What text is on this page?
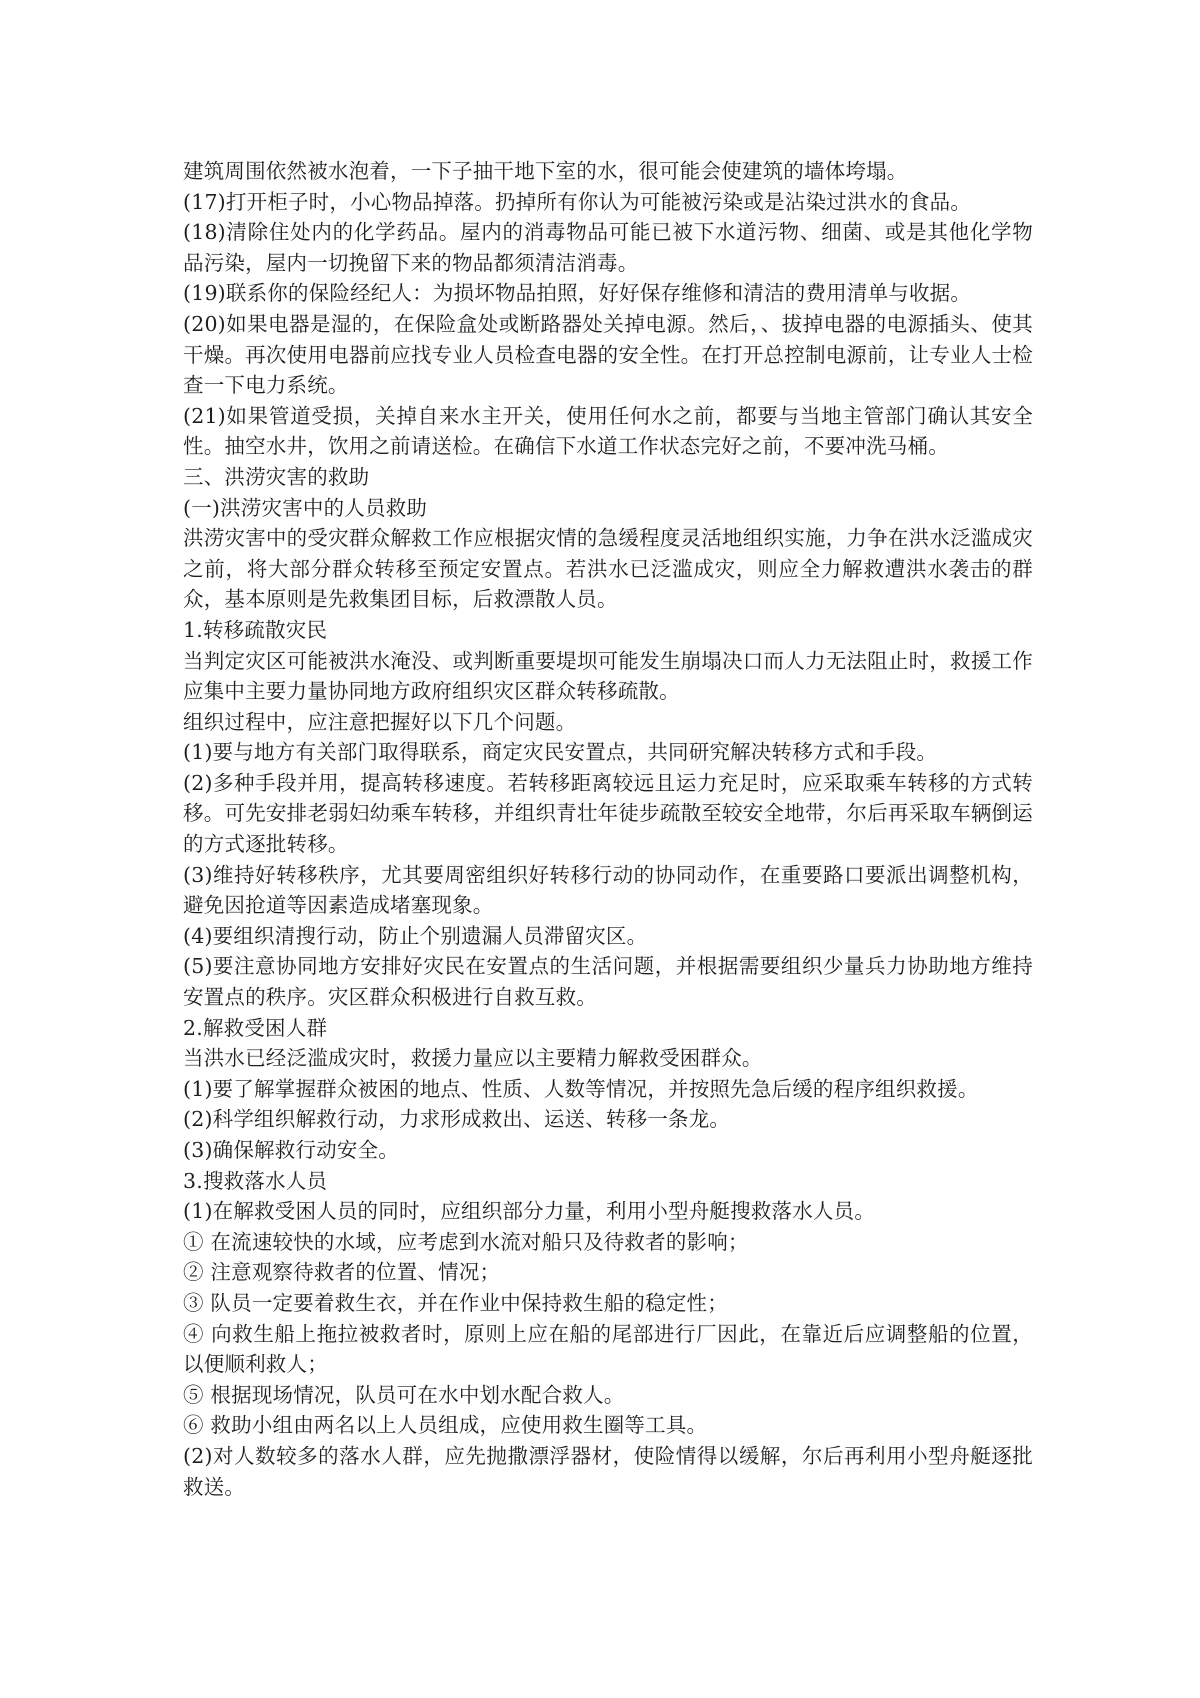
建筑周围依然被水泡着，一下子抽干地下室的水，很可能会使建筑的墙体垮塌。

(17)打开柜子时，小心物品掉落。扔掉所有你认为可能被污染或是沾染过洪水的食品。

(18)清除住处内的化学药品。屋内的消毒物品可能已被下水道污物、细菌、或是其他化学物品污染，屋内一切挽留下来的物品都须清洁消毒。

(19)联系你的保险经纪人：为损坏物品拍照，好好保存维修和清洁的费用清单与收据。

(20)如果电器是湿的，在保险盒处或断路器处关掉电源。然后，、拔掉电器的电源插头、使其干燥。再次使用电器前应找专业人员检查电器的安全性。在打开总控制电源前，让专业人士检查一下电力系统。

(21)如果管道受损，关掉自来水主开关，使用任何水之前，都要与当地主管部门确认其安全性。抽空水井，饮用之前请送检。在确信下水道工作状态完好之前，不要冲洗马桶。

三、洪涝灾害的救助

(一)洪涝灾害中的人员救助

洪涝灾害中的受灾群众解救工作应根据灾情的急缓程度灵活地组织实施，力争在洪水泛滥成灾之前，将大部分群众转移至预定安置点。若洪水已泛滥成灾，则应全力解救遭洪水袭击的群众，基本原则是先救集团目标，后救漂散人员。

1.转移疏散灾民

当判定灾区可能被洪水淹没、或判断重要堤坝可能发生崩塌决口而人力无法阻止时，救援工作应集中主要力量协同地方政府组织灾区群众转移疏散。

组织过程中，应注意把握好以下几个问题。

(1)要与地方有关部门取得联系，商定灾民安置点，共同研究解决转移方式和手段。

(2)多种手段并用，提高转移速度。若转移距离较远且运力充足时，应采取乘车转移的方式转移。可先安排老弱妇幼乘车转移，并组织青壮年徒步疏散至较安全地带，尔后再采取车辆倒运的方式逐批转移。

(3)维持好转移秩序，尤其要周密组织好转移行动的协同动作，在重要路口要派出调整机构，避免因抢道等因素造成堵塞现象。

(4)要组织清搜行动，防止个别遗漏人员滞留灾区。

(5)要注意协同地方安排好灾民在安置点的生活问题，并根据需要组织少量兵力协助地方维持安置点的秩序。灾区群众积极进行自救互救。

2.解救受困人群

当洪水已经泛滥成灾时，救援力量应以主要精力解救受困群众。

(1)要了解掌握群众被困的地点、性质、人数等情况，并按照先急后缓的程序组织救援。

(2)科学组织解救行动，力求形成救出、运送、转移一条龙。

(3)确保解救行动安全。

3.搜救落水人员

(1)在解救受困人员的同时，应组织部分力量，利用小型舟艇搜救落水人员。

① 在流速较快的水域，应考虑到水流对船只及待救者的影响；

② 注意观察待救者的位置、情况；

③ 队员一定要着救生衣，并在作业中保持救生船的稳定性；

④ 向救生船上拖拉被救者时，原则上应在船的尾部进行厂因此，在靠近后应调整船的位置，以便顺利救人；

⑤ 根据现场情况，队员可在水中划水配合救人。

⑥ 救助小组由两名以上人员组成，应使用救生圈等工具。

(2)对人数较多的落水人群，应先抛撒漂浮器材，使险情得以缓解，尔后再利用小型舟艇逐批救送。
